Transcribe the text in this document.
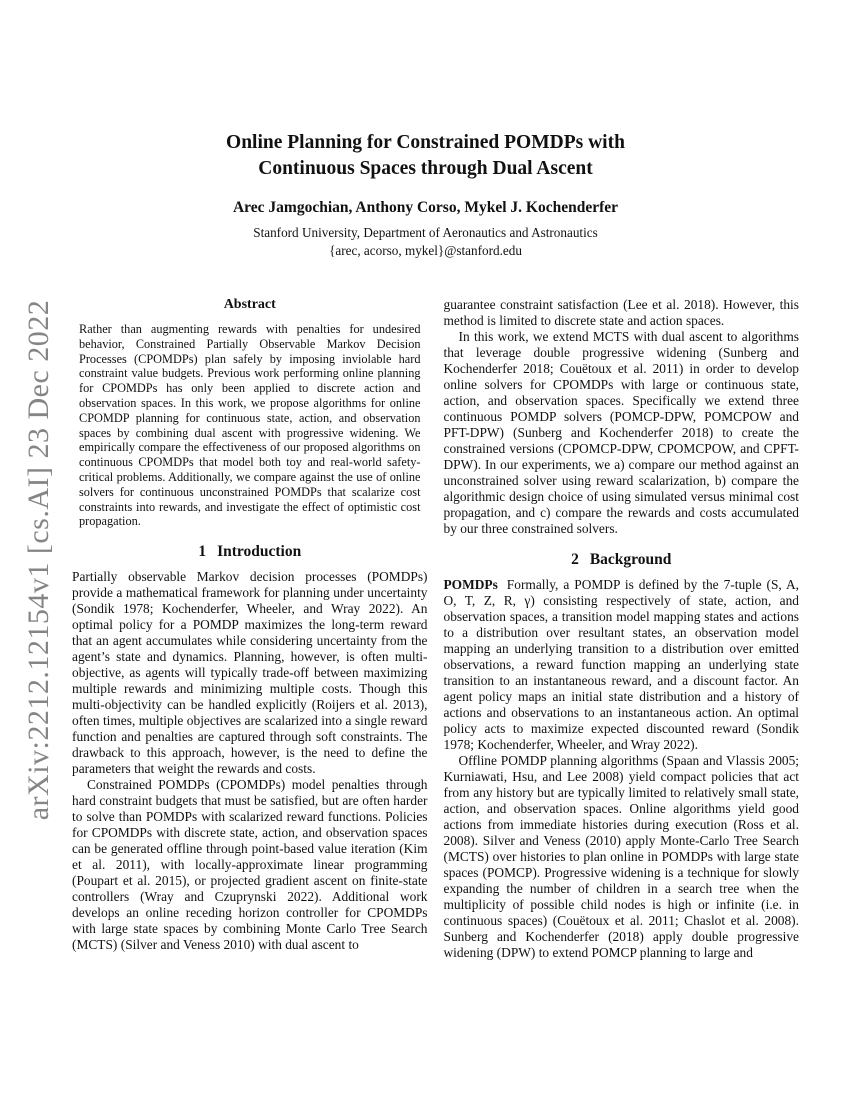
arXiv:2212.12154v1 [cs.AI] 23 Dec 2022
Online Planning for Constrained POMDPs with
Continuous Spaces through Dual Ascent
Arec Jamgochian, Anthony Corso, Mykel J. Kochenderfer
Stanford University, Department of Aeronautics and Astronautics
{arec, acorso, mykel}@stanford.edu
Abstract
Rather than augmenting rewards with penalties for undesired behavior, Constrained Partially Observable Markov Decision Processes (CPOMDPs) plan safely by imposing inviolable hard constraint value budgets. Previous work performing online planning for CPOMDPs has only been applied to discrete action and observation spaces. In this work, we propose algorithms for online CPOMDP planning for continuous state, action, and observation spaces by combining dual ascent with progressive widening. We empirically compare the effectiveness of our proposed algorithms on continuous CPOMDPs that model both toy and real-world safety-critical problems. Additionally, we compare against the use of online solvers for continuous unconstrained POMDPs that scalarize cost constraints into rewards, and investigate the effect of optimistic cost propagation.
1 Introduction

Partially observable Markov decision processes (POMDPs) provide a mathematical framework for planning under uncertainty (Sondik 1978; Kochenderfer, Wheeler, and Wray 2022). An optimal policy for a POMDP maximizes the long-term reward that an agent accumulates while considering uncertainty from the agent’s state and dynamics. Planning, however, is often multi-objective, as agents will typically trade-off between maximizing multiple rewards and minimizing multiple costs. Though this multi-objectivity can be handled explicitly (Roijers et al. 2013), often times, multiple objectives are scalarized into a single reward function and penalties are captured through soft constraints. The drawback to this approach, however, is the need to define the parameters that weight the rewards and costs.

Constrained POMDPs (CPOMDPs) model penalties through hard constraint budgets that must be satisfied, but are often harder to solve than POMDPs with scalarized reward functions. Policies for CPOMDPs with discrete state, action, and observation spaces can be generated offline through point-based value iteration (Kim et al. 2011), with locally-approximate linear programming (Poupart et al. 2015), or projected gradient ascent on finite-state controllers (Wray and Czuprynski 2022). Additional work develops an online receding horizon controller for CPOMDPs with large state spaces by combining Monte Carlo Tree Search (MCTS) (Silver and Veness 2010) with dual ascent to

guarantee constraint satisfaction (Lee et al. 2018). However, this method is limited to discrete state and action spaces.

In this work, we extend MCTS with dual ascent to algorithms that leverage double progressive widening (Sunberg and Kochenderfer 2018; Couëtoux et al. 2011) in order to develop online solvers for CPOMDPs with large or continuous state, action, and observation spaces. Specifically we extend three continuous POMDP solvers (POMCP-DPW, POMCPOW and PFT-DPW) (Sunberg and Kochenderfer 2018) to create the constrained versions (CPOMCP-DPW, CPOMCPOW, and CPFT-DPW). In our experiments, we a) compare our method against an unconstrained solver using reward scalarization, b) compare the algorithmic design choice of using simulated versus minimal cost propagation, and c) compare the rewards and costs accumulated by our three constrained solvers.

2 Background

POMDPs Formally, a POMDP is defined by the 7-tuple (S, A, O, T, Z, R, γ) consisting respectively of state, action, and observation spaces, a transition model mapping states and actions to a distribution over resultant states, an observation model mapping an underlying transition to a distribution over emitted observations, a reward function mapping an underlying state transition to an instantaneous reward, and a discount factor. An agent policy maps an initial state distribution and a history of actions and observations to an instantaneous action. An optimal policy acts to maximize expected discounted reward (Sondik 1978; Kochenderfer, Wheeler, and Wray 2022).

Offline POMDP planning algorithms (Spaan and Vlassis 2005; Kurniawati, Hsu, and Lee 2008) yield compact policies that act from any history but are typically limited to relatively small state, action, and observation spaces. Online algorithms yield good actions from immediate histories during execution (Ross et al. 2008). Silver and Veness (2010) apply Monte-Carlo Tree Search (MCTS) over histories to plan online in POMDPs with large state spaces (POMCP). Progressive widening is a technique for slowly expanding the number of children in a search tree when the multiplicity of possible child nodes is high or infinite (i.e. in continuous spaces) (Couëtoux et al. 2011; Chaslot et al. 2008). Sunberg and Kochenderfer (2018) apply double progressive widening (DPW) to extend POMCP planning to large and
